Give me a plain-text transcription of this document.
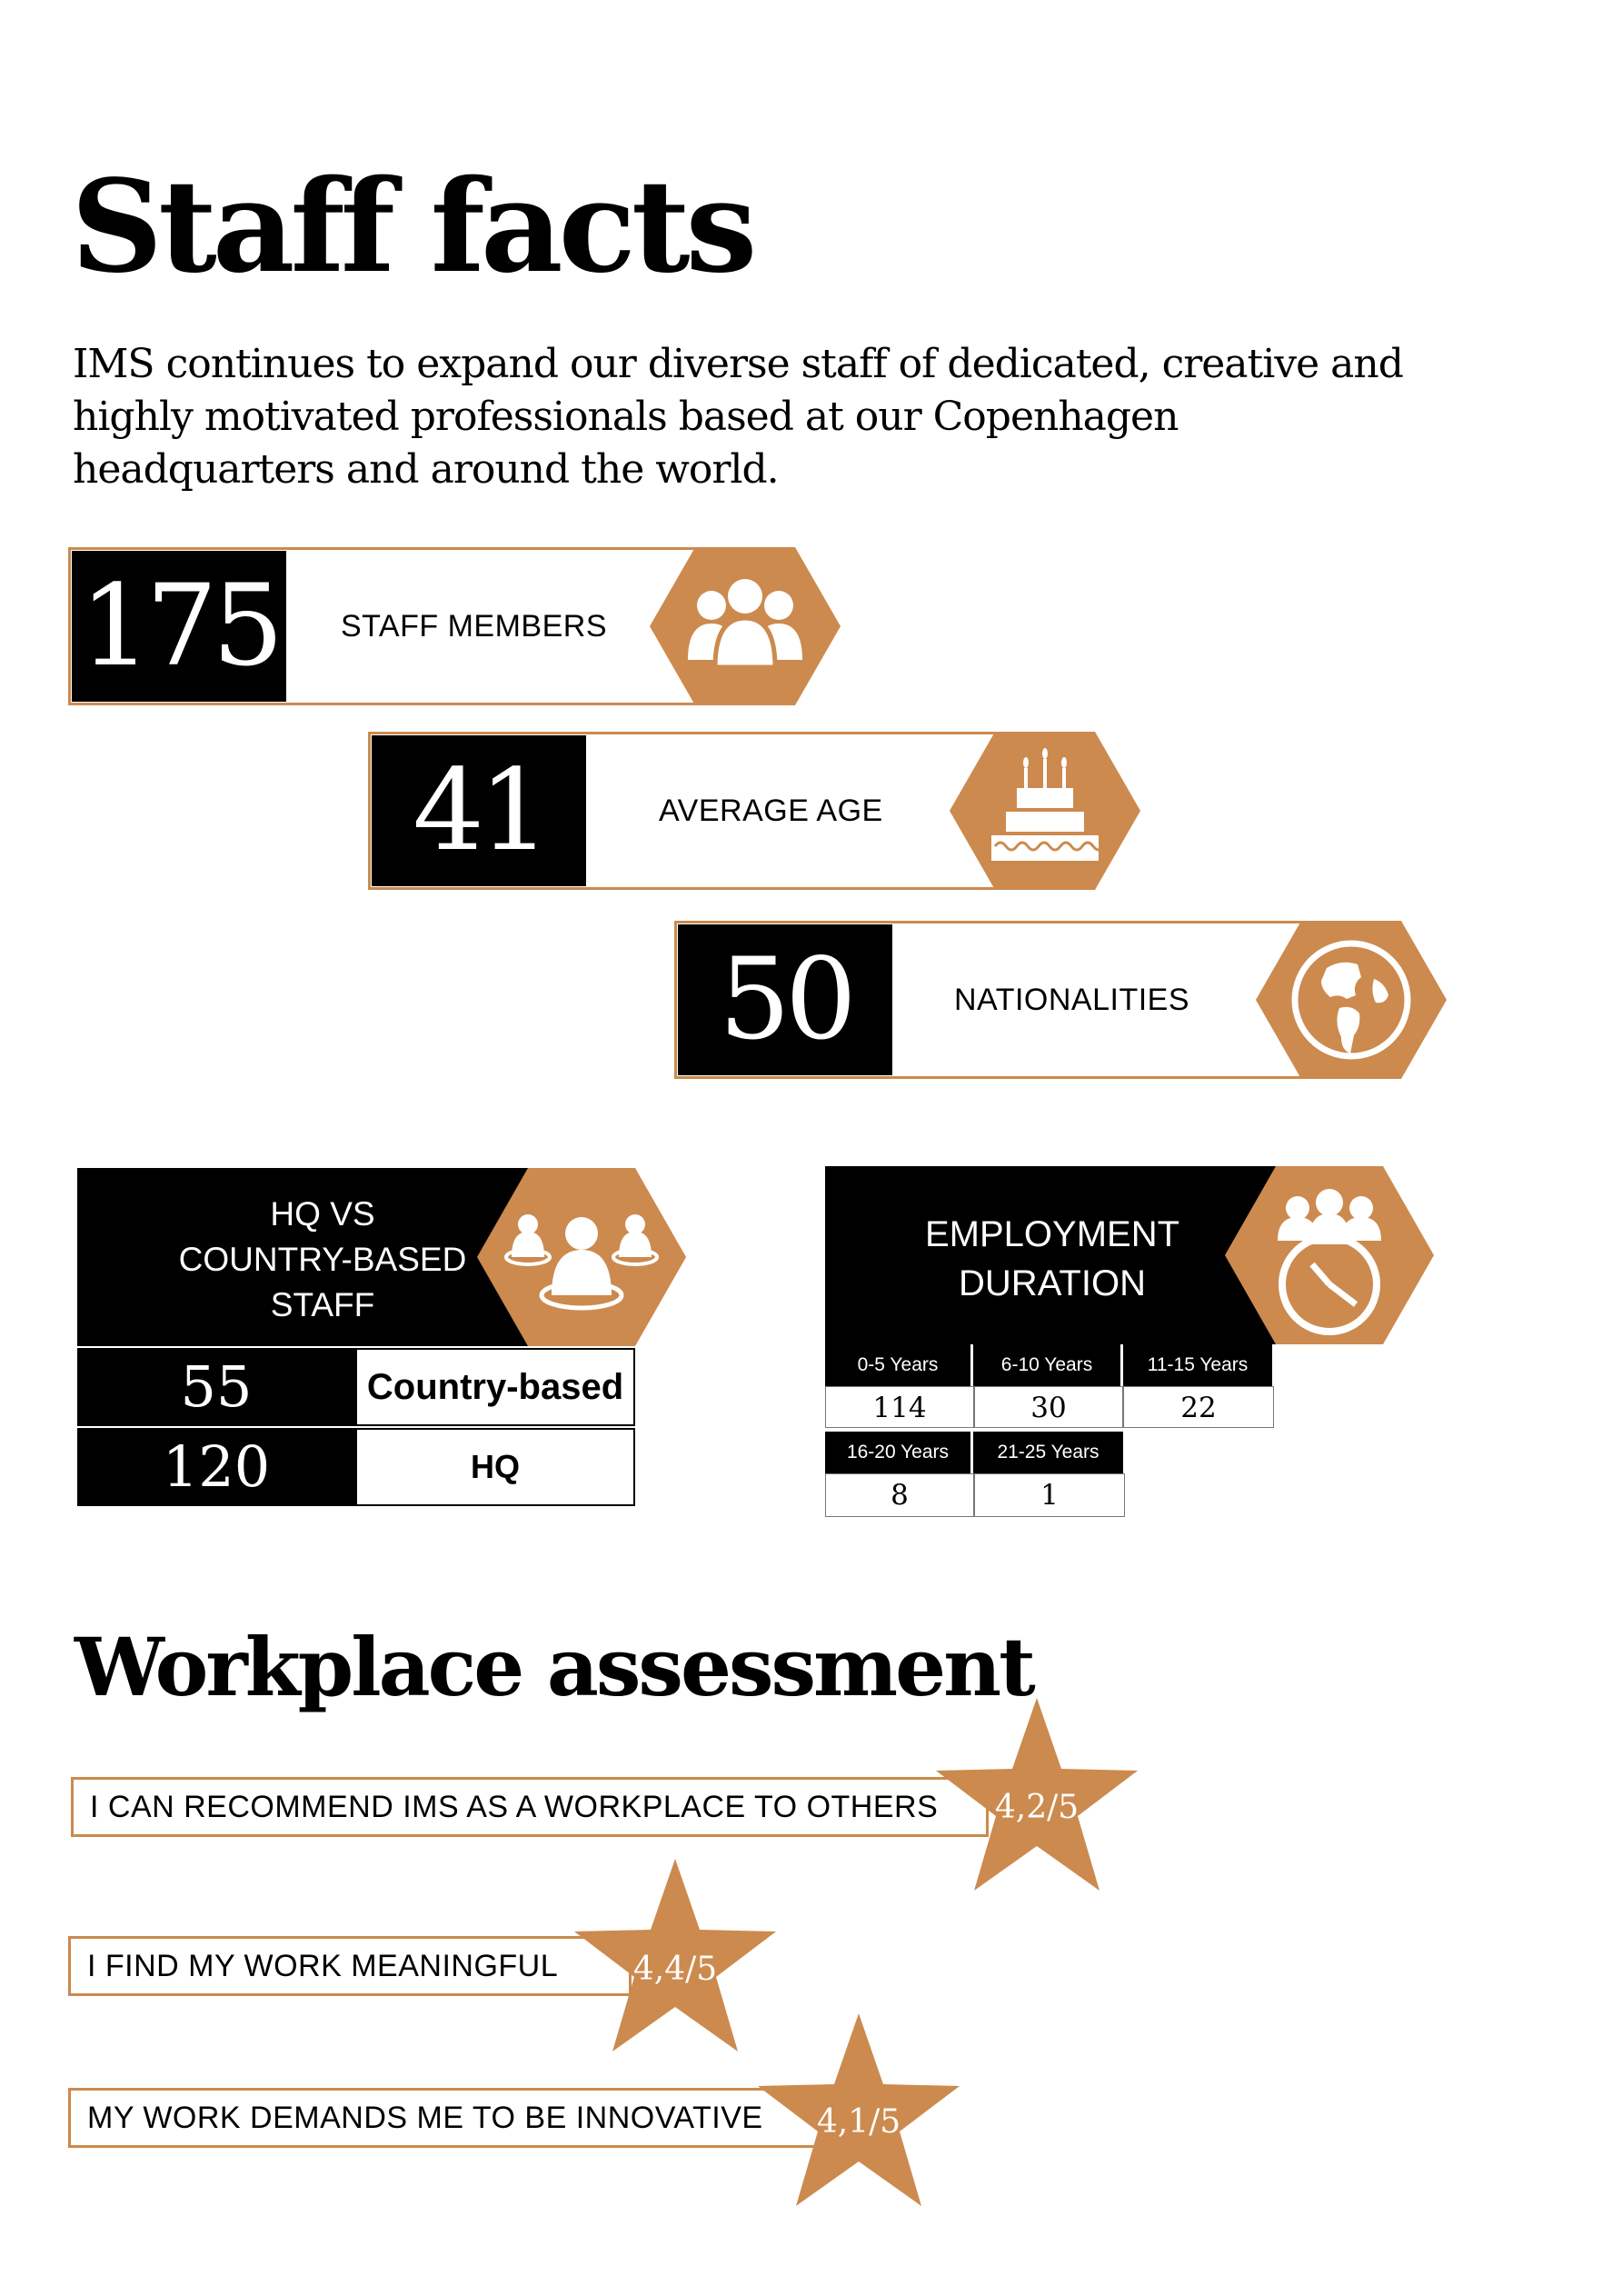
Staff facts
IMS continues to expand our diverse staff of dedicated, creative and highly motivated professionals based at our Copenhagen headquarters and around the world.
175 STAFF MEMBERS
41	AVERAGE AGE
50	NATIONALITIES
HQ VS
COUNTRY-BASED
STAFF
55	Country-based
120	HQ
EMPLOYMENT
DURATION
0-5 Years	6-10 Years	11-15 Years
114	30	22
16-20 Years	21-25 Years
8	1
Workplace assessment
I CAN RECOMMEND IMS AS A WORKPLACE TO OTHERS	4,2/5
I FIND MY WORK MEANINGFUL	4,4/5
MY WORK DEMANDS ME TO BE INNOVATIVE	4,1/5
